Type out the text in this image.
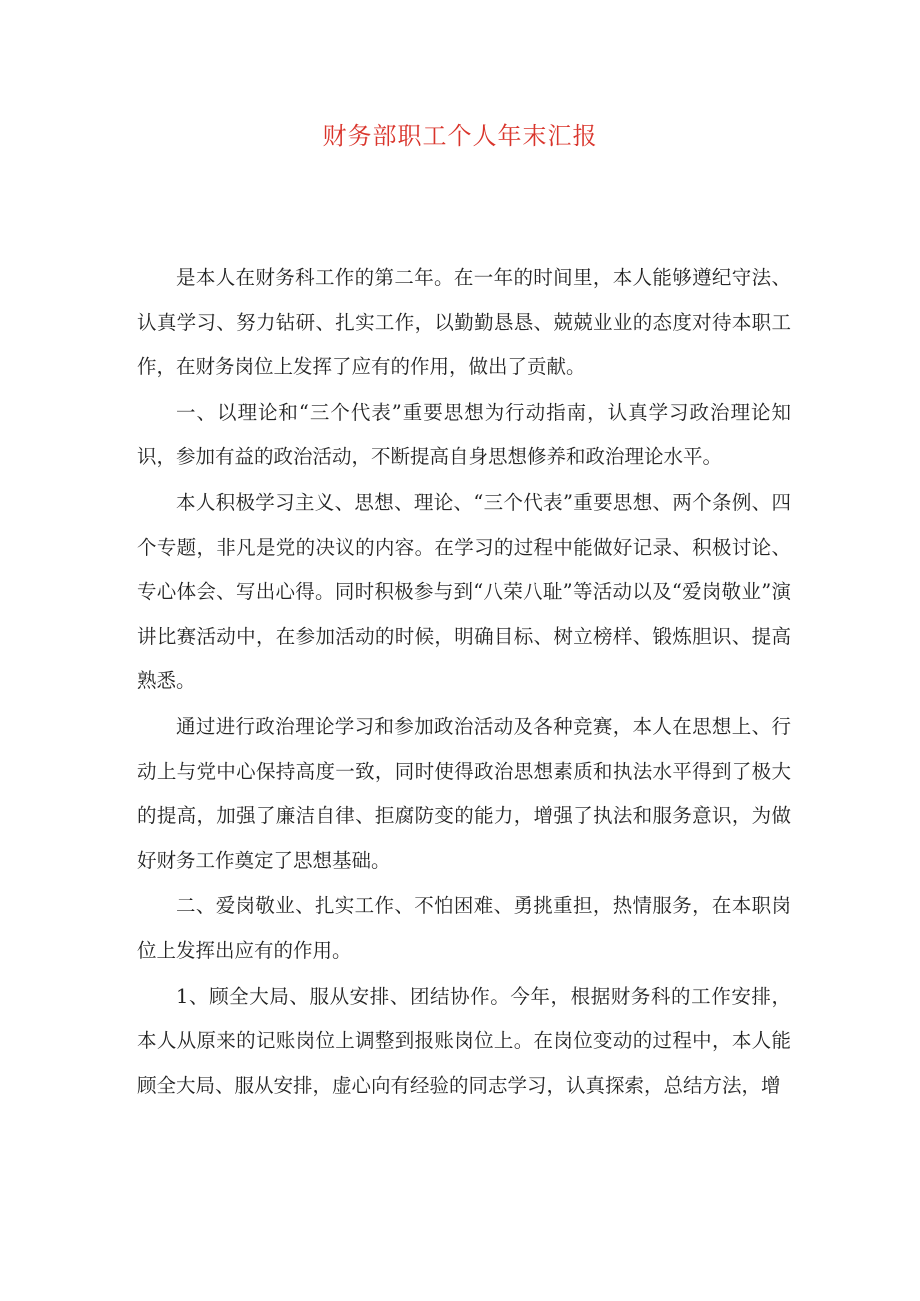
财务部职工个人年末汇报

是本人在财务科工作的第二年。在一年的时间里，本人能够遵纪守法、认真学习、努力钻研、扎实工作，以勤勤恳恳、兢兢业业的态度对待本职工作，在财务岗位上发挥了应有的作用，做出了贡献。

一、以理论和“三个代表”重要思想为行动指南，认真学习政治理论知识，参加有益的政治活动，不断提高自身思想修养和政治理论水平。

本人积极学习主义、思想、理论、“三个代表”重要思想、两个条例、四个专题，非凡是党的决议的内容。在学习的过程中能做好记录、积极讨论、专心体会、写出心得。同时积极参与到“八荣八耻”等活动以及“爱岗敬业”演讲比赛活动中，在参加活动的时候，明确目标、树立榜样、锻炼胆识、提高熟悉。

通过进行政治理论学习和参加政治活动及各种竞赛，本人在思想上、行动上与党中心保持高度一致，同时使得政治思想素质和执法水平得到了极大的提高，加强了廉洁自律、拒腐防变的能力，增强了执法和服务意识，为做好财务工作奠定了思想基础。

二、爱岗敬业、扎实工作、不怕困难、勇挑重担，热情服务，在本职岗位上发挥出应有的作用。

1、顾全大局、服从安排、团结协作。今年，根据财务科的工作安排，本人从原来的记账岗位上调整到报账岗位上。在岗位变动的过程中，本人能顾全大局、服从安排，虚心向有经验的同志学习，认真探索，总结方法，增
